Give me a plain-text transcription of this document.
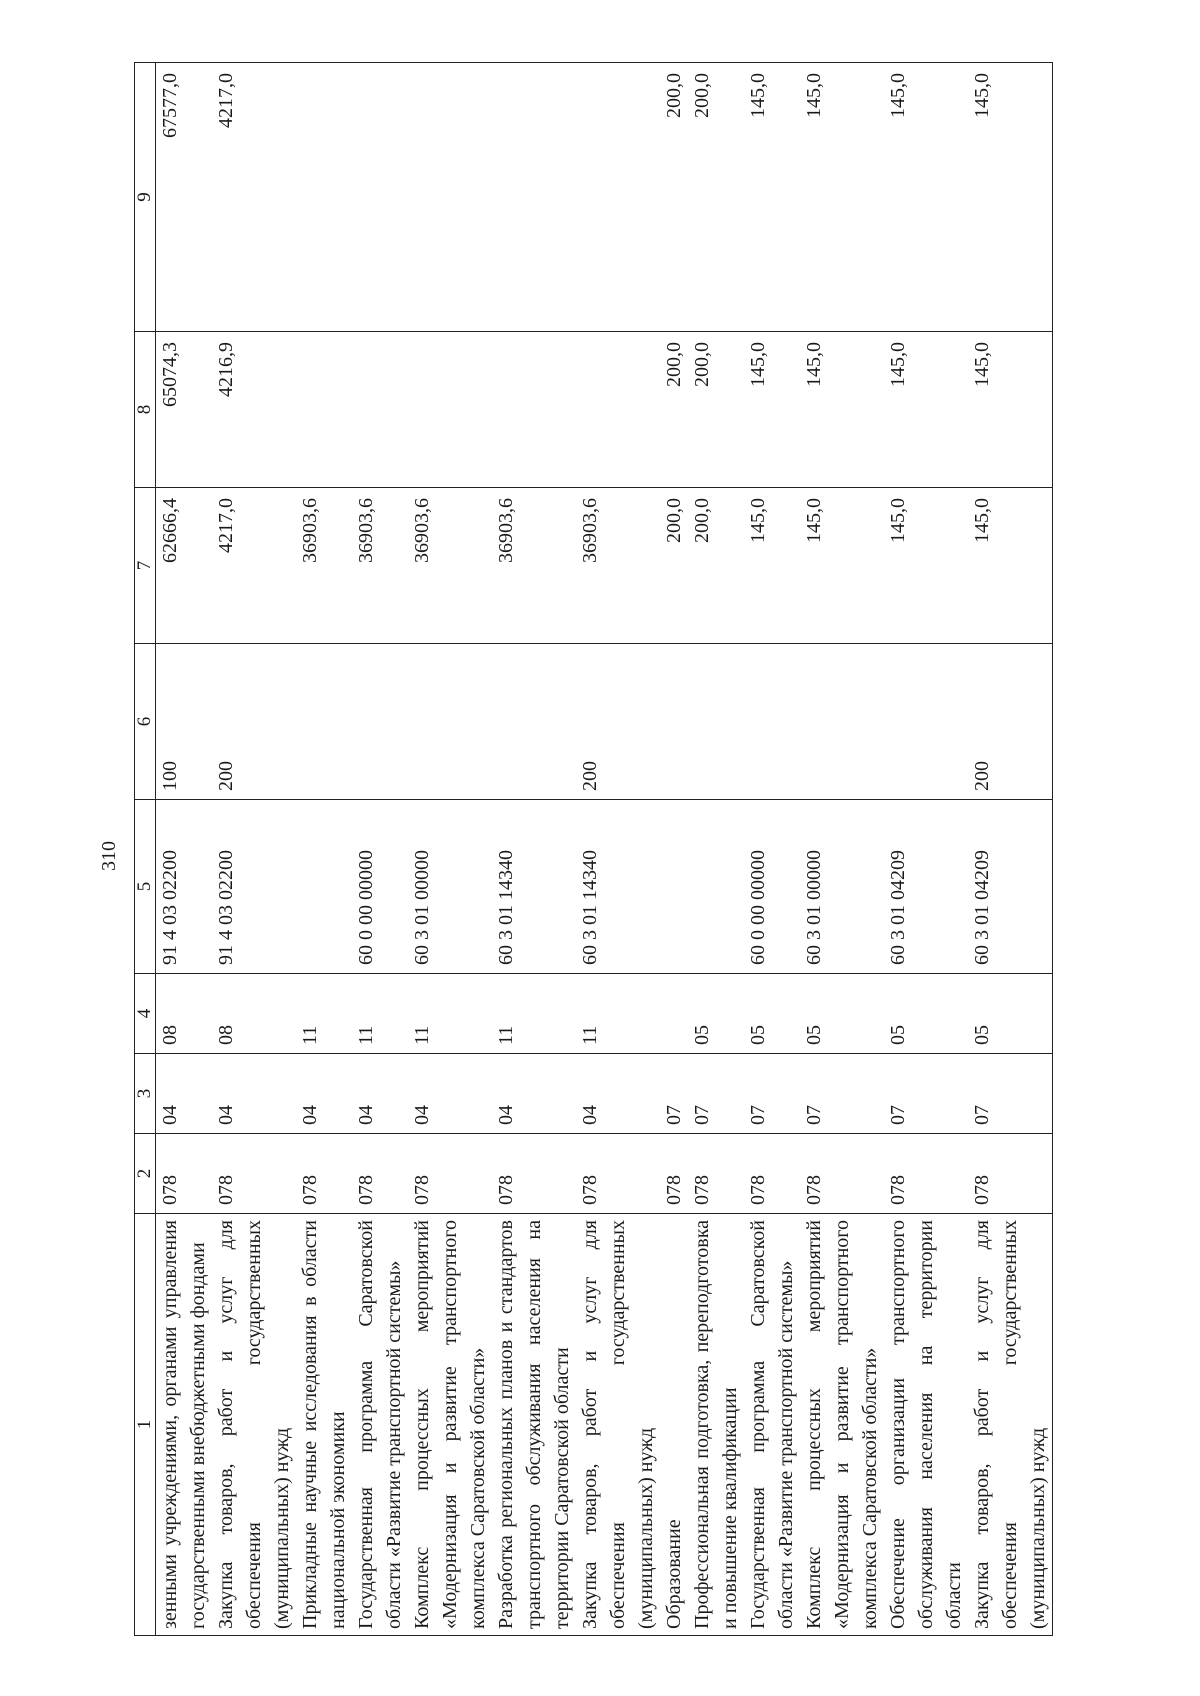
310
1	2	3	4	5	6	7	8	9
зенными учреждениями, органами управления государственными внебюджетными фондами	078	04	08	91 4 03 02200	100	62666,4	65074,3	67577,0
Закупка товаров, работ и услуг для обеспечения государственных (муниципальных) нужд	078	04	08	91 4 03 02200	200	4217,0	4216,9	4217,0
Прикладные научные исследования в области национальной экономики	078	04	11			36903,6		
Государственная программа Саратовской области «Развитие транспортной системы»	078	04	11	60 0 00 00000		36903,6		
Комплекс процессных мероприятий «Модернизация и развитие транспортного комплекса Саратовской области»	078	04	11	60 3 01 00000		36903,6		
Разработка региональных планов и стандартов транспортного обслуживания населения на территории Саратовской области	078	04	11	60 3 01 14340		36903,6		
Закупка товаров, работ и услуг для обеспечения государственных (муниципальных) нужд	078	04	11	60 3 01 14340	200	36903,6		
Образование	078	07				200,0	200,0	200,0
Профессиональная подготовка, переподготовка и повышение квалификации	078	07	05			200,0	200,0	200,0
Государственная программа Саратовской области «Развитие транспортной системы»	078	07	05	60 0 00 00000		145,0	145,0	145,0
Комплекс процессных мероприятий «Модернизация и развитие транспортного комплекса Саратовской области»	078	07	05	60 3 01 00000		145,0	145,0	145,0
Обеспечение организации транспортного обслуживания населения на территории области	078	07	05	60 3 01 04209		145,0	145,0	145,0
Закупка товаров, работ и услуг для обеспечения государственных (муниципальных) нужд	078	07	05	60 3 01 04209	200	145,0	145,0	145,0
